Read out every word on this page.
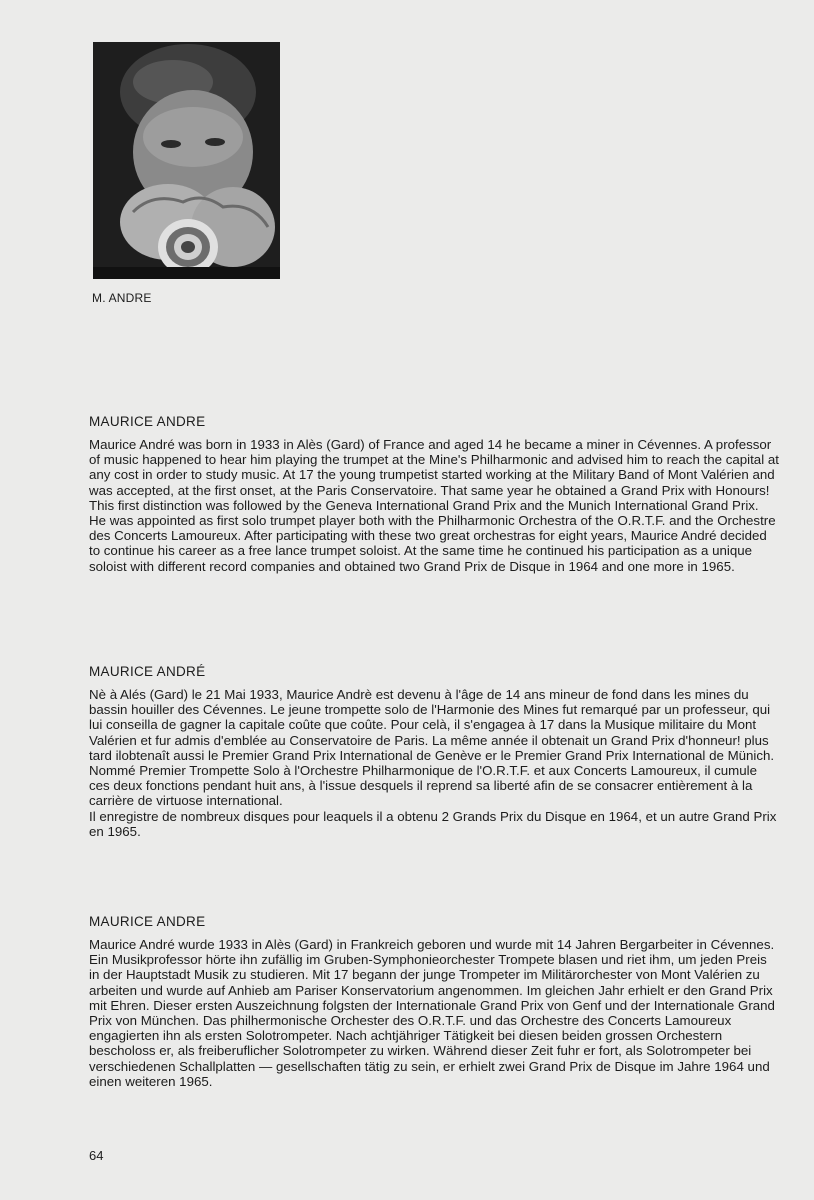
M. ANDRE
MAURICE ANDRE

Maurice André was born in 1933 in Alès (Gard) of France and aged 14 he became a miner in Cévennes. A professor of music happened to hear him playing the trumpet at the Mine's Philharmonic and advised him to reach the capital at any cost in order to study music. At 17 the young trumpetist started working at the Military Band of Mont Valérien and was accepted, at the first onset, at the Paris Conservatoire. That same year he obtained a Grand Prix with Honours! This first distinction was followed by the Geneva International Grand Prix and the Munich International Grand Prix. He was appointed as first solo trumpet player both with the Philharmonic Orchestra of the O.R.T.F. and the Orchestre des Concerts Lamoureux. After participating with these two great orchestras for eight years, Maurice André decided to continue his career as a free lance trumpet soloist. At the same time he continued his participation as a unique soloist with different record companies and obtained two Grand Prix de Disque in 1964 and one more in 1965.

MAURICE ANDRÉ

Nè à Alés (Gard) le 21 Mai 1933, Maurice Andrè est devenu à l'âge de 14 ans mineur de fond dans les mines du bassin houiller des Cévennes. Le jeune trompette solo de l'Harmonie des Mines fut remarqué par un professeur, qui lui conseilla de gagner la capitale coûte que coûte. Pour celà, il s'engagea à 17 dans la Musique militaire du Mont Valérien et fur admis d'emblée au Conservatoire de Paris. La même année il obtenait un Grand Prix d'honneur! plus tard ilobtenaît aussi le Premier Grand Prix International de Genève er le Premier Grand Prix International de Münich.

Nommé Premier Trompette Solo à l'Orchestre Philharmonique de l'O.R.T.F. et aux Concerts Lamoureux, il cumule ces deux fonctions pendant huit ans, à l'issue desquels il reprend sa liberté afin de se consacrer entièrement à la carrière de virtuose international.

Il enregistre de nombreux disques pour leaquels il a obtenu 2 Grands Prix du Disque en 1964, et un autre Grand Prix en 1965.

MAURICE ANDRE

Maurice André wurde 1933 in Alès (Gard) in Frankreich geboren und wurde mit 14 Jahren Bergarbeiter in Cévennes. Ein Musikprofessor hörte ihn zufällig im Gruben-Symphonieorchester Trompete blasen und riet ihm, um jeden Preis in der Hauptstadt Musik zu studieren. Mit 17 begann der junge Trompeter im Militärorchester von Mont Valérien zu arbeiten und wurde auf Anhieb am Pariser Konservatorium angenommen. Im gleichen Jahr erhielt er den Grand Prix mit Ehren. Dieser ersten Auszeichnung folgsten der Internationale Grand Prix von Genf und der Internationale Grand Prix von München. Das philhermonische Orchester des O.R.T.F. und das Orchestre des Concerts Lamoureux engagierten ihn als ersten Solotrompeter. Nach achtjähriger Tätigkeit bei diesen beiden grossen Orchestern bescholoss er, als freiberuflicher Solotrompeter zu wirken. Während dieser Zeit fuhr er fort, als Solotrompeter bei verschiedenen Schallplatten — gesellschaften tätig zu sein, er erhielt zwei Grand Prix de Disque im Jahre 1964 und einen weiteren 1965.

64
